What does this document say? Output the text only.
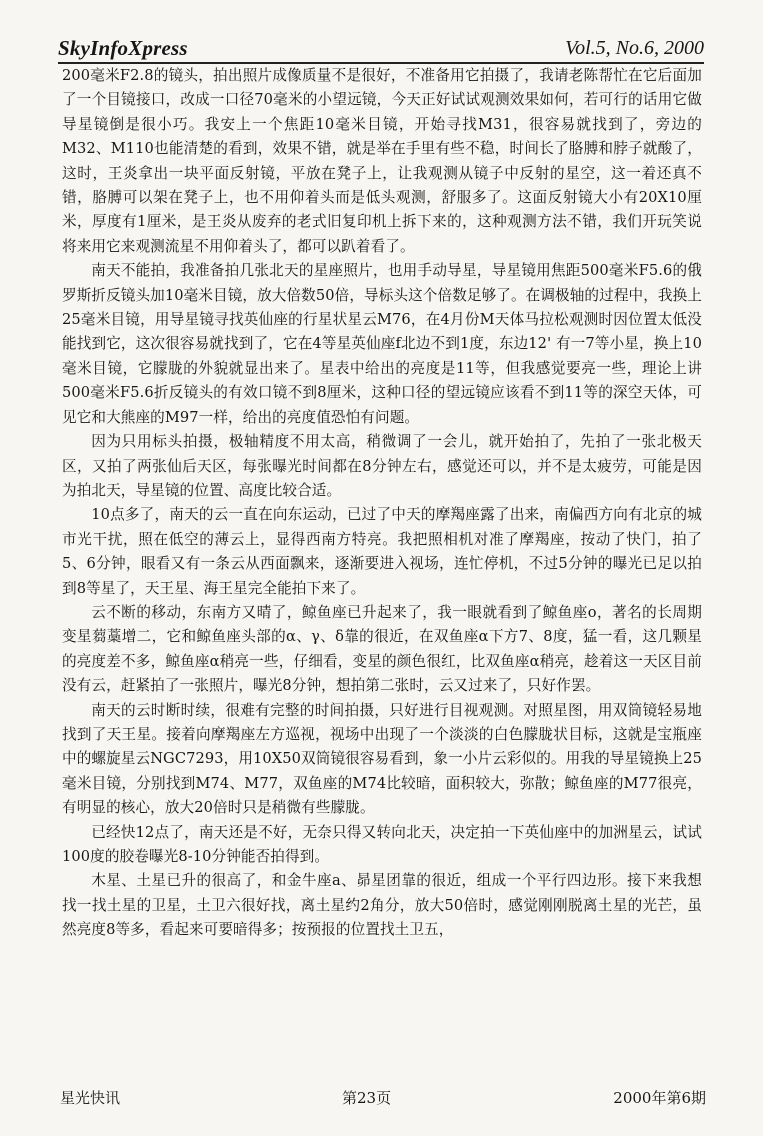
SkyInfoXpress	Vol.5, No.6, 2000

200毫米F2.8的镜头，拍出照片成像质量不是很好，不准备用它拍摄了，我请老陈帮忙在它后面加了一个目镜接口，改成一口径70毫米的小望远镜，今天正好试试观测效果如何，若可行的话用它做导星镜倒是很小巧。我安上一个焦距10毫米目镜，开始寻找M31，很容易就找到了，旁边的M32、M110也能清楚的看到，效果不错，就是举在手里有些不稳，时间长了胳膊和脖子就酸了，这时，王炎拿出一块平面反射镜，平放在凳子上，让我观测从镜子中反射的星空，这一着还真不错，胳膊可以架在凳子上，也不用仰着头而是低头观测，舒服多了。这面反射镜大小有20X10厘米，厚度有1厘米，是王炎从废弃的老式旧复印机上拆下来的，这种观测方法不错，我们开玩笑说将来用它来观测流星不用仰着头了，都可以趴着看了。

南天不能拍，我准备拍几张北天的星座照片，也用手动导星，导星镜用焦距500毫米F5.6的俄罗斯折反镜头加10毫米目镜，放大倍数50倍，导标头这个倍数足够了。在调极轴的过程中，我换上25毫米目镜，用导星镜寻找英仙座的行星状星云M76，在4月份M天体马拉松观测时因位置太低没能找到它，这次很容易就找到了，它在4等星英仙座f北边不到1度，东边12' 有一7等小星，换上10毫米目镜，它朦胧的外貌就显出来了。星表中给出的亮度是11等，但我感觉要亮一些，理论上讲500毫米F5.6折反镜头的有效口镜不到8厘米，这种口径的望远镜应该看不到11等的深空天体，可见它和大熊座的M97一样，给出的亮度值恐怕有问题。

因为只用标头拍摄，极轴精度不用太高，稍微调了一会儿，就开始拍了，先拍了一张北极天区，又拍了两张仙后天区，每张曝光时间都在8分钟左右，感觉还可以，并不是太疲劳，可能是因为拍北天，导星镜的位置、高度比较合适。

10点多了，南天的云一直在向东运动，已过了中天的摩羯座露了出来，南偏西方向有北京的城市光干扰，照在低空的薄云上，显得西南方特亮。我把照相机对准了摩羯座，按动了快门，拍了5、6分钟，眼看又有一条云从西面飘来，逐渐要进入视场，连忙停机，不过5分钟的曝光已足以拍到8等星了，天王星、海王星完全能拍下来了。

云不断的移动，东南方又晴了，鲸鱼座已升起来了，我一眼就看到了鲸鱼座ο，著名的长周期变星蒭藁增二，它和鲸鱼座头部的α、γ、δ靠的很近，在双鱼座α下方7、8度，猛一看，这几颗星的亮度差不多，鲸鱼座α稍亮一些，仔细看，变星的颜色很红，比双鱼座α稍亮，趁着这一天区目前没有云，赶紧拍了一张照片，曝光8分钟，想拍第二张时，云又过来了，只好作罢。

南天的云时断时续，很难有完整的时间拍摄，只好进行目视观测。对照星图，用双筒镜轻易地找到了天王星。接着向摩羯座左方巡视，视场中出现了一个淡淡的白色朦胧状目标，这就是宝瓶座中的螺旋星云NGC7293，用10X50双筒镜很容易看到，象一小片云彩似的。用我的导星镜换上25毫米目镜，分别找到M74、M77，双鱼座的M74比较暗，面积较大，弥散；鲸鱼座的M77很亮，有明显的核心，放大20倍时只是稍微有些朦胧。

已经快12点了，南天还是不好，无奈只得又转向北天，决定拍一下英仙座中的加洲星云，试试100度的胶卷曝光8-10分钟能否拍得到。

木星、土星已升的很高了，和金牛座a、昴星团靠的很近，组成一个平行四边形。接下来我想找一找土星的卫星，土卫六很好找，离土星约2角分，放大50倍时，感觉刚刚脱离土星的光芒，虽然亮度8等多，看起来可要暗得多；按预报的位置找土卫五，

星光快讯	第23页	2000年第6期
